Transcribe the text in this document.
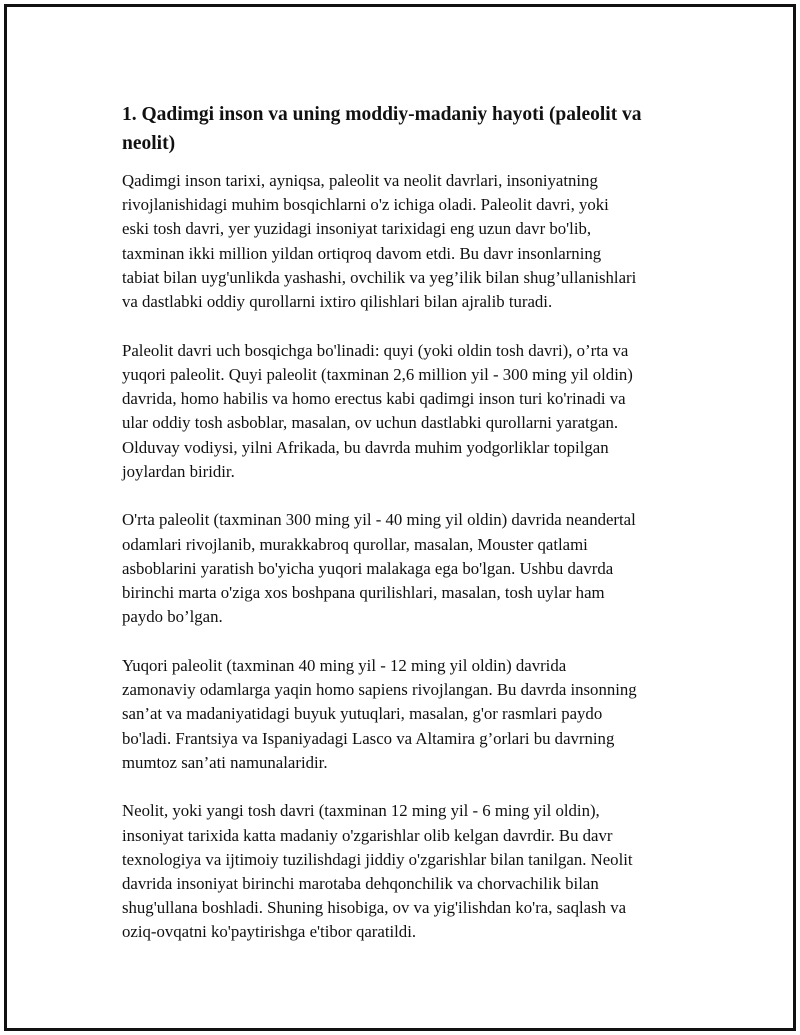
1. Qadimgi inson va uning moddiy-madaniy hayoti (paleolit va
neolit)

Qadimgi inson tarixi, ayniqsa, paleolit va neolit davrlari, insoniyatning
rivojlanishidagi muhim bosqichlarni o'z ichiga oladi. Paleolit davri, yoki
eski tosh davri, yer yuzidagi insoniyat tarixidagi eng uzun davr bo'lib,
taxminan ikki million yildan ortiqroq davom etdi. Bu davr insonlarning
tabiat bilan uyg'unlikda yashashi, ovchilik va yeg’ilik bilan shug’ullanishlari
va dastlabki oddiy qurollarni ixtiro qilishlari bilan ajralib turadi.

Paleolit davri uch bosqichga bo'linadi: quyi (yoki oldin tosh davri), o’rta va
yuqori paleolit. Quyi paleolit (taxminan 2,6 million yil - 300 ming yil oldin)
davrida, homo habilis va homo erectus kabi qadimgi inson turi ko'rinadi va
ular oddiy tosh asboblar, masalan, ov uchun dastlabki qurollarni yaratgan.
Olduvay vodiysi, yilni Afrikada, bu davrda muhim yodgorliklar topilgan
joylardan biridir.

O'rta paleolit (taxminan 300 ming yil - 40 ming yil oldin) davrida neandertal
odamlari rivojlanib, murakkabroq qurollar, masalan, Mouster qatlami
asboblarini yaratish bo'yicha yuqori malakaga ega bo'lgan. Ushbu davrda
birinchi marta o'ziga xos boshpana qurilishlari, masalan, tosh uylar ham
paydo bo’lgan.

Yuqori paleolit (taxminan 40 ming yil - 12 ming yil oldin) davrida
zamonaviy odamlarga yaqin homo sapiens rivojlangan. Bu davrda insonning
san’at va madaniyatidagi buyuk yutuqlari, masalan, g'or rasmlari paydo
bo'ladi. Frantsiya va Ispaniyadagi Lasco va Altamira g’orlari bu davrning
mumtoz san’ati namunalaridir.

Neolit, yoki yangi tosh davri (taxminan 12 ming yil - 6 ming yil oldin),
insoniyat tarixida katta madaniy o'zgarishlar olib kelgan davrdir. Bu davr
texnologiya va ijtimoiy tuzilishdagi jiddiy o'zgarishlar bilan tanilgan. Neolit
davrida insoniyat birinchi marotaba dehqonchilik va chorvachilik bilan
shug'ullana boshladi. Shuning hisobiga, ov va yig'ilishdan ko'ra, saqlash va
oziq-ovqatni ko'paytirishga e'tibor qaratildi.
